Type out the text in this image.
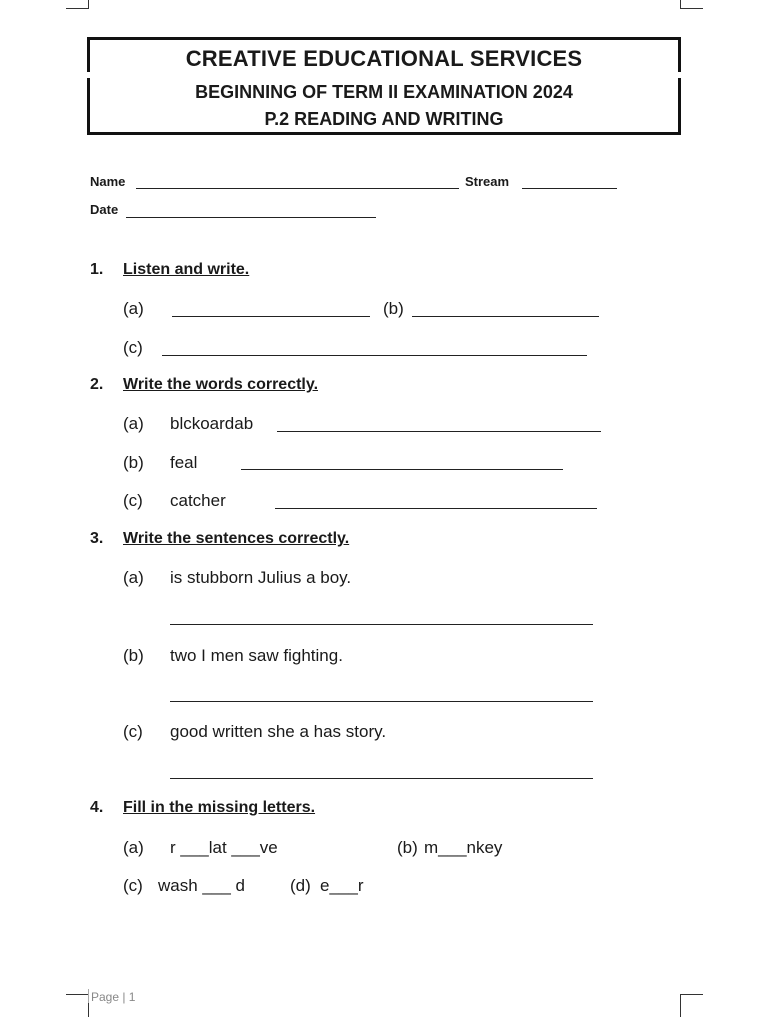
CREATIVE EDUCATIONAL SERVICES
BEGINNING OF TERM II EXAMINATION 2024
P.2 READING AND WRITING
Name	Stream
Date
1. Listen and write.
(a)	(b)
(c)
2. Write the words correctly.
(a) blckoardab
(b) feal
(c) catcher
3. Write the sentences correctly.
(a) is stubborn Julius a boy.
(b) two I men saw fighting.
(c) good written she a has story.
4. Fill in the missing letters.
(a) r ___lat ___ve	(b) m___nkey
(c) wash ___ d	(d) e___r
Page | 1
